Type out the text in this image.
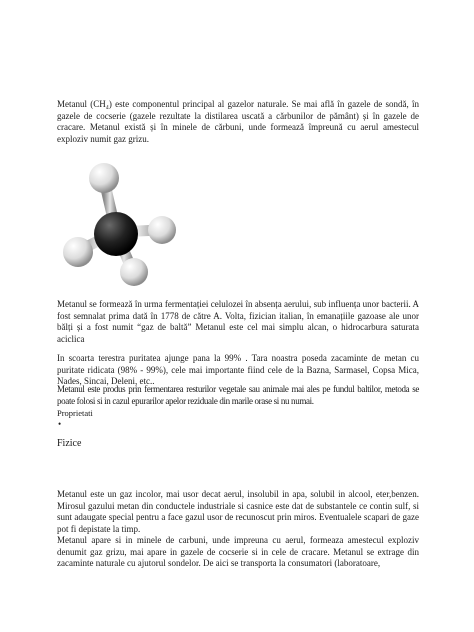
Metanul (CH₄) este componentul principal al gazelor naturale. Se mai află în gazele de sondă, în gazele de cocserie (gazele rezultate la distilarea uscată a cărbunilor de pământ) și în gazele de cracare. Metanul există și în minele de cărbuni, unde formează împreună cu aerul amestecul exploziv numit gaz grizu.

Metanul se formează în urma fermentației celulozei în absența aerului, sub influența unor bacterii. A fost semnalat prima dată în 1778 de către A. Volta, fizician italian, în emanațiile gazoase ale unor bălți și a fost numit “gaz de baltă” Metanul este cel mai simplu alcan, o hidrocarbura saturata aciclica

In scoarta terestra puritatea ajunge pana la 99% . Tara noastra poseda zacaminte de metan cu puritate ridicata (98% - 99%), cele mai importante fiind cele de la Bazna, Sarmasel, Copsa Mica, Nades, Sincai, Deleni, etc..

Metanul este produs prin fermentarea resturilor vegetale sau animale mai ales pe fundul baltilor, metoda se poate folosi si in cazul epurarilor apelor reziduale din marile orase si nu numai.

Proprietati
•
Fizice

Metanul este un gaz incolor, mai usor decat aerul, insolubil in apa, solubil in alcool, eter,benzen. Mirosul gazului metan din conductele industriale si casnice este dat de substantele ce contin sulf, si sunt adaugate special pentru a face gazul usor de recunoscut prin miros. Eventualele scapari de gaze pot fi depistate la timp.

Metanul apare si in minele de carbuni, unde impreuna cu aerul, formeaza amestecul exploziv denumit gaz grizu, mai apare in gazele de cocserie si in cele de cracare. Metanul se extrage din zacaminte naturale cu ajutorul sondelor. De aici se transporta la consumatori (laboratoare,
